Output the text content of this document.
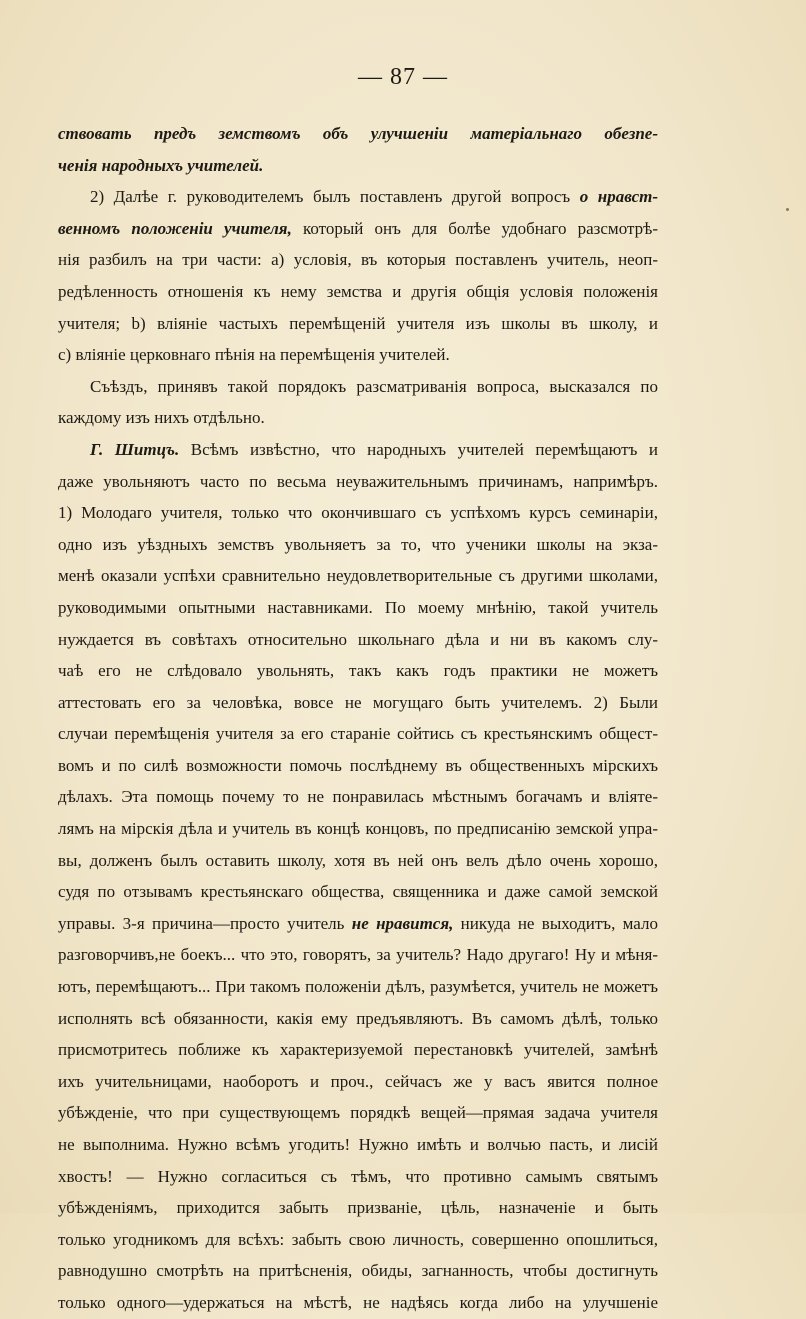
— 87 —
ствовать предъ земствомъ объ улучшеніи матеріальнаго обезпе-
ченія народныхъ учителей.
2) Далѣе г. руководителемъ былъ поставленъ другой вопросъ о нравст-
венномъ положеніи учителя, который онъ для болѣе удобнаго разсмотрѣ-
нія разбилъ на три части: а) условія, въ которыя поставленъ учитель, неоп-
редѣленность отношенія къ нему земства и другія общія условія положенія
учителя; b) вліяніе частыхъ перемѣщеній учителя изъ школы въ школу, и
с) вліяніе церковнаго пѣнія на перемѣщенія учителей.
Съѣздъ, принявъ такой порядокъ разсматриванія вопроса, высказался по
каждому изъ нихъ отдѣльно.
Г. Шитцъ. Всѣмъ извѣстно, что народныхъ учителей перемѣщаютъ и
даже увольняютъ часто по весьма неуважительнымъ причинамъ, напримѣръ.
1) Молодаго учителя, только что окончившаго съ успѣхомъ курсъ семинаріи,
одно изъ уѣздныхъ земствъ увольняетъ за то, что ученики школы на экза-
менѣ оказали успѣхи сравнительно неудовлетворительные съ другими школами,
руководимыми опытными наставниками. По моему мнѣнію, такой учитель
нуждается въ совѣтахъ относительно школьнаго дѣла и ни въ какомъ слу-
чаѣ его не слѣдовало увольнять, такъ какъ годъ практики не можетъ
аттестовать его за человѣка, вовсе не могущаго быть учителемъ. 2) Были
случаи перемѣщенія учителя за его стараніе сойтись съ крестьянскимъ общест-
вомъ и по силѣ возможности помочь послѣднему въ общественныхъ мірскихъ
дѣлахъ. Эта помощь почему то не понравилась мѣстнымъ богачамъ и вліяте-
лямъ на мірскія дѣла и учитель въ концѣ концовъ, по предписанію земской упра-
вы, долженъ былъ оставить школу, хотя въ ней онъ велъ дѣло очень хорошо,
судя по отзывамъ крестьянскаго общества, священника и даже самой земской
управы. 3-я причина—просто учитель не нравится, никуда не выходитъ, мало
разговорчивъ,не боекъ... что это, говорятъ, за учитель? Надо другаго! Ну и мѣня-
ютъ, перемѣщаютъ... При такомъ положеніи дѣлъ, разумѣется, учитель не можетъ
исполнять всѣ обязанности, какія ему предъявляютъ. Въ самомъ дѣлѣ, только
присмотритесь поближе къ характеризуемой перестановкѣ учителей, замѣнѣ
ихъ учительницами, наоборотъ и проч., сейчасъ же у васъ явится полное
убѣжденіе, что при существующемъ порядкѣ вещей—прямая задача учителя
не выполнима. Нужно всѣмъ угодить! Нужно имѣть и волчью пасть, и лисій
хвостъ! — Нужно согласиться съ тѣмъ, что противно самымъ святымъ
убѣжденіямъ, приходится забыть призваніе, цѣль, назначеніе и быть
только угодникомъ для всѣхъ: забыть свою личность, совершенно опошлиться,
равнодушно смотрѣть на притѣсненія, обиды, загнанность, чтобы достигнуть
только одного—удержаться на мѣстѣ, не надѣясь когда либо на улучшеніе
